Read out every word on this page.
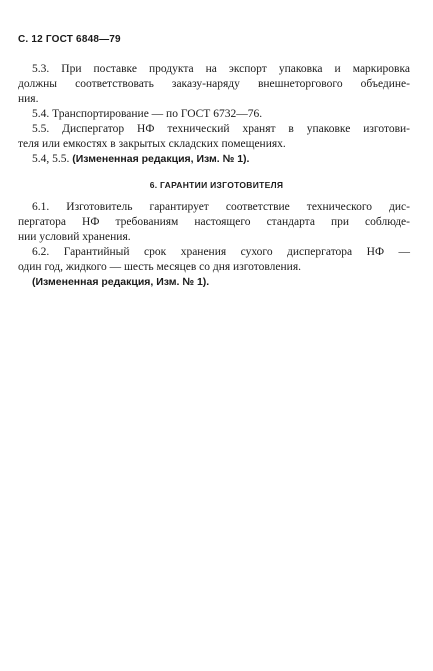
С. 12 ГОСТ 6848—79
5.3. При поставке продукта на экспорт упаковка и маркировка
должны соответствовать заказу-наряду внешнеторгового объедине-
ния.
5.4. Транспортирование — по ГОСТ 6732—76.
5.5. Диспергатор НФ технический хранят в упаковке изготови-
теля или емкостях в закрытых складских помещениях.
5.4, 5.5. (Измененная редакция, Изм. № 1).
6. ГАРАНТИИ ИЗГОТОВИТЕЛЯ
6.1. Изготовитель гарантирует соответствие технического дис-
пергатора НФ требованиям настоящего стандарта при соблюде-
нии условий хранения.
6.2. Гарантийный срок хранения сухого диспергатора НФ —
один год, жидкого — шесть месяцев со дня изготовления.
(Измененная редакция, Изм. № 1).
